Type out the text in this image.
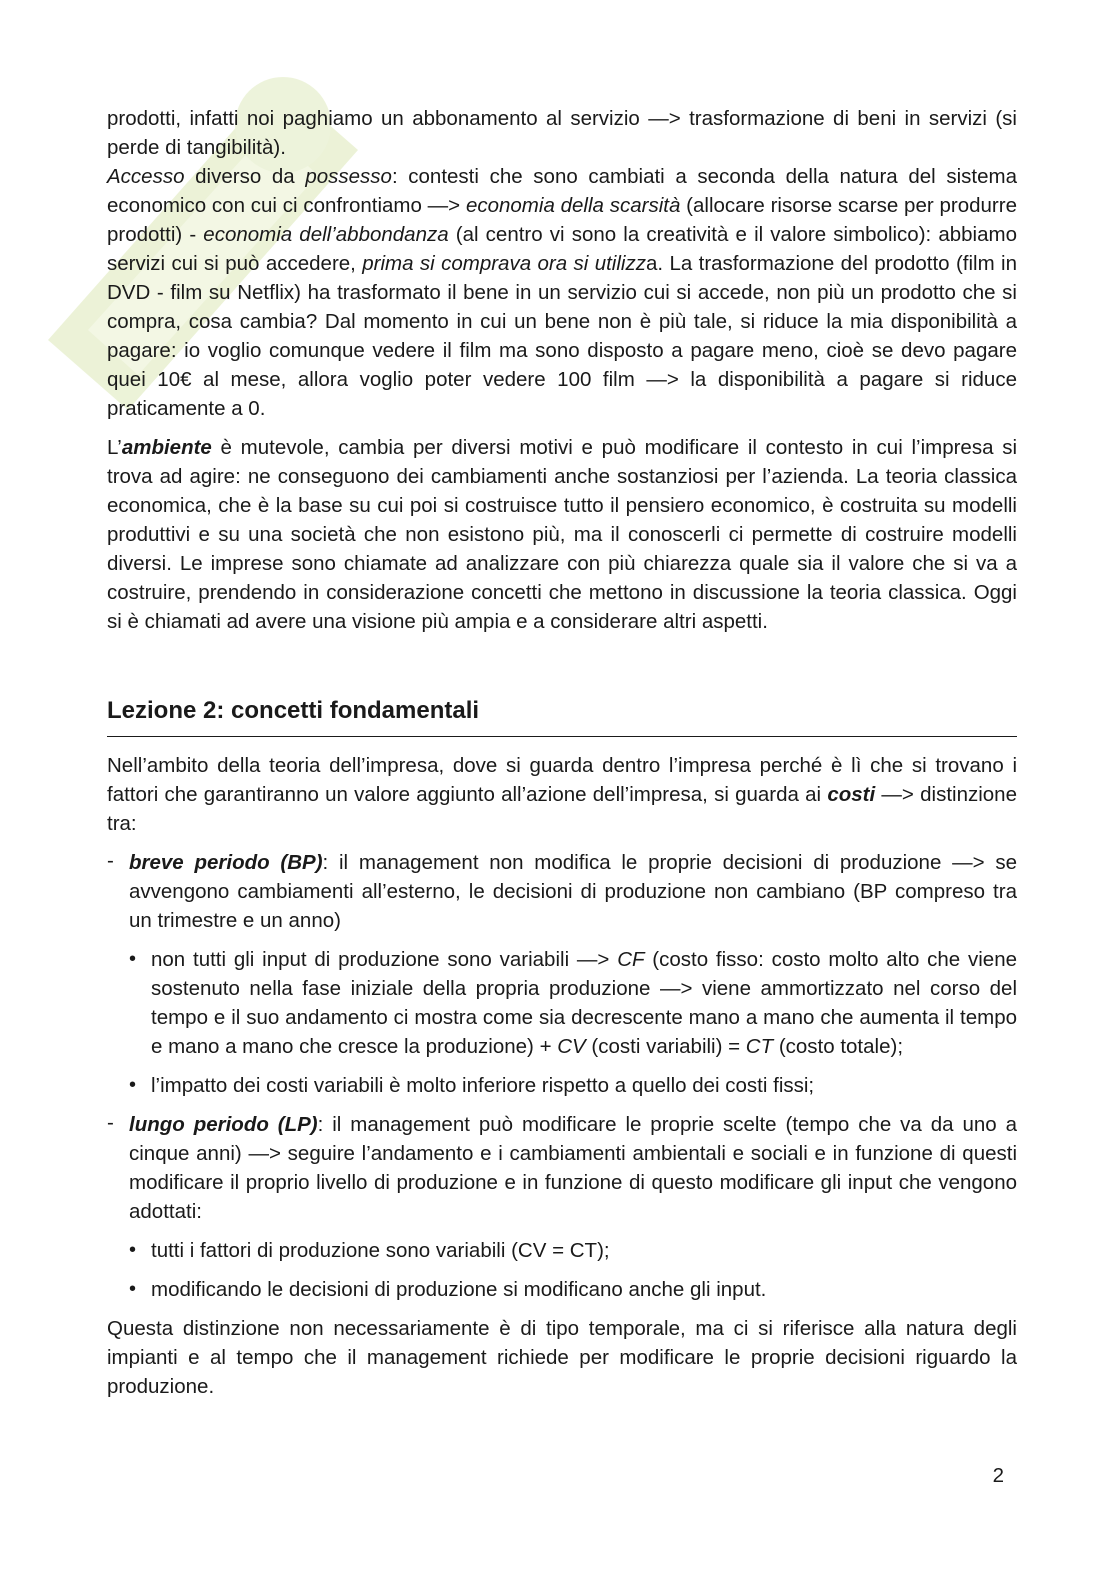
prodotti, infatti noi paghiamo un abbonamento al servizio —> trasformazione di beni in servizi (si perde di tangibilità).

Accesso diverso da possesso: contesti che sono cambiati a seconda della natura del sistema economico con cui ci confrontiamo —> economia della scarsità (allocare risorse scarse per produrre prodotti) - economia dell’abbondanza (al centro vi sono la creatività e il valore simbolico): abbiamo servizi cui si può accedere, prima si comprava ora si utilizza. La trasformazione del prodotto (film in DVD - film su Netflix) ha trasformato il bene in un servizio cui si accede, non più un prodotto che si compra, cosa cambia? Dal momento in cui un bene non è più tale, si riduce la mia disponibilità a pagare: io voglio comunque vedere il film ma sono disposto a pagare meno, cioè se devo pagare quei 10€ al mese, allora voglio poter vedere 100 film —> la disponibilità a pagare si riduce praticamente a 0.

L’ambiente è mutevole, cambia per diversi motivi e può modificare il contesto in cui l’impresa si trova ad agire: ne conseguono dei cambiamenti anche sostanziosi per l’azienda. La teoria classica economica, che è la base su cui poi si costruisce tutto il pensiero economico, è costruita su modelli produttivi e su una società che non esistono più, ma il conoscerli ci permette di costruire modelli diversi. Le imprese sono chiamate ad analizzare con più chiarezza quale sia il valore che si va a costruire, prendendo in considerazione concetti che mettono in discussione la teoria classica. Oggi si è chiamati ad avere una visione più ampia e a considerare altri aspetti.

Lezione 2: concetti fondamentali

Nell’ambito della teoria dell’impresa, dove si guarda dentro l’impresa perché è lì che si trovano i fattori che garantiranno un valore aggiunto all’azione dell’impresa, si guarda ai costi —> distinzione tra:

- breve periodo (BP): il management non modifica le proprie decisioni di produzione —> se avvengono cambiamenti all’esterno, le decisioni di produzione non cambiano (BP compreso tra un trimestre e un anno)

• non tutti gli input di produzione sono variabili —> CF (costo fisso: costo molto alto che viene sostenuto nella fase iniziale della propria produzione —> viene ammortizzato nel corso del tempo e il suo andamento ci mostra come sia decrescente mano a mano che aumenta il tempo e mano a mano che cresce la produzione) + CV (costi variabili) = CT (costo totale);

• l’impatto dei costi variabili è molto inferiore rispetto a quello dei costi fissi;

- lungo periodo (LP): il management può modificare le proprie scelte (tempo che va da uno a cinque anni) —> seguire l’andamento e i cambiamenti ambientali e sociali e in funzione di questi modificare il proprio livello di produzione e in funzione di questo modificare gli input che vengono adottati:

• tutti i fattori di produzione sono variabili (CV = CT);

• modificando le decisioni di produzione si modificano anche gli input.

Questa distinzione non necessariamente è di tipo temporale, ma ci si riferisce alla natura degli impianti e al tempo che il management richiede per modificare le proprie decisioni riguardo la produzione.

2
